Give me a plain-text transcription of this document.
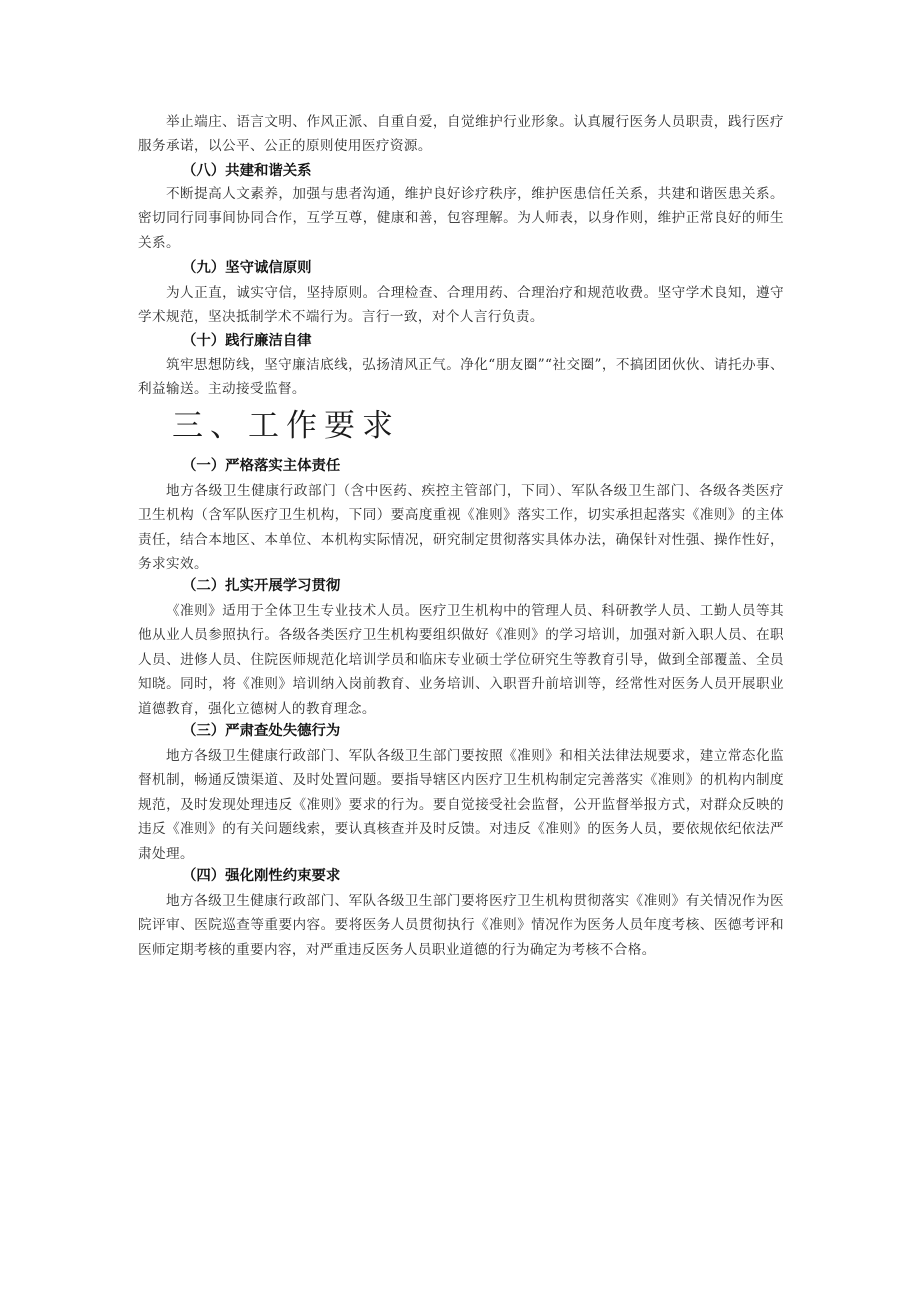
举止端庄、语言文明、作风正派、自重自爱，自觉维护行业形象。认真履行医务人员职责，践行医疗服务承诺，以公平、公正的原则使用医疗资源。

（八）共建和谐关系

不断提高人文素养，加强与患者沟通，维护良好诊疗秩序，维护医患信任关系，共建和谐医患关系。密切同行同事间协同合作，互学互尊，健康和善，包容理解。为人师表，以身作则，维护正常良好的师生关系。

（九）坚守诚信原则

为人正直，诚实守信，坚持原则。合理检查、合理用药、合理治疗和规范收费。坚守学术良知，遵守学术规范，坚决抵制学术不端行为。言行一致，对个人言行负责。

（十）践行廉洁自律

筑牢思想防线，坚守廉洁底线，弘扬清风正气。净化“朋友圈”“社交圈”，不搞团团伙伙、请托办事、利益输送。主动接受监督。

三、工作要求
（一）严格落实主体责任

地方各级卫生健康行政部门（含中医药、疾控主管部门，下同）、军队各级卫生部门、各级各类医疗卫生机构（含军队医疗卫生机构，下同）要高度重视《准则》落实工作，切实承担起落实《准则》的主体责任，结合本地区、本单位、本机构实际情况，研究制定贯彻落实具体办法，确保针对性强、操作性好，务求实效。

（二）扎实开展学习贯彻

《准则》适用于全体卫生专业技术人员。医疗卫生机构中的管理人员、科研教学人员、工勤人员等其他从业人员参照执行。各级各类医疗卫生机构要组织做好《准则》的学习培训，加强对新入职人员、在职人员、进修人员、住院医师规范化培训学员和临床专业硕士学位研究生等教育引导，做到全部覆盖、全员知晓。同时，将《准则》培训纳入岗前教育、业务培训、入职晋升前培训等，经常性对医务人员开展职业道德教育，强化立德树人的教育理念。

（三）严肃查处失德行为

地方各级卫生健康行政部门、军队各级卫生部门要按照《准则》和相关法律法规要求，建立常态化监督机制，畅通反馈渠道、及时处置问题。要指导辖区内医疗卫生机构制定完善落实《准则》的机构内制度规范，及时发现处理违反《准则》要求的行为。要自觉接受社会监督，公开监督举报方式，对群众反映的违反《准则》的有关问题线索，要认真核查并及时反馈。对违反《准则》的医务人员，要依规依纪依法严肃处理。

（四）强化刚性约束要求

地方各级卫生健康行政部门、军队各级卫生部门要将医疗卫生机构贯彻落实《准则》有关情况作为医院评审、医院巡查等重要内容。要将医务人员贯彻执行《准则》情况作为医务人员年度考核、医德考评和医师定期考核的重要内容，对严重违反医务人员职业道德的行为确定为考核不合格。
